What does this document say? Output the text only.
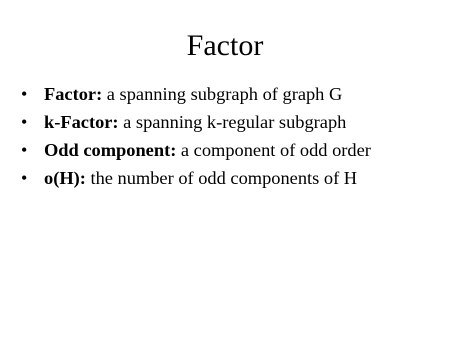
Factor
• Factor: a spanning subgraph of graph G
• k-Factor: a spanning k-regular subgraph
• Odd component: a component of odd order
• o(H): the number of odd components of H
